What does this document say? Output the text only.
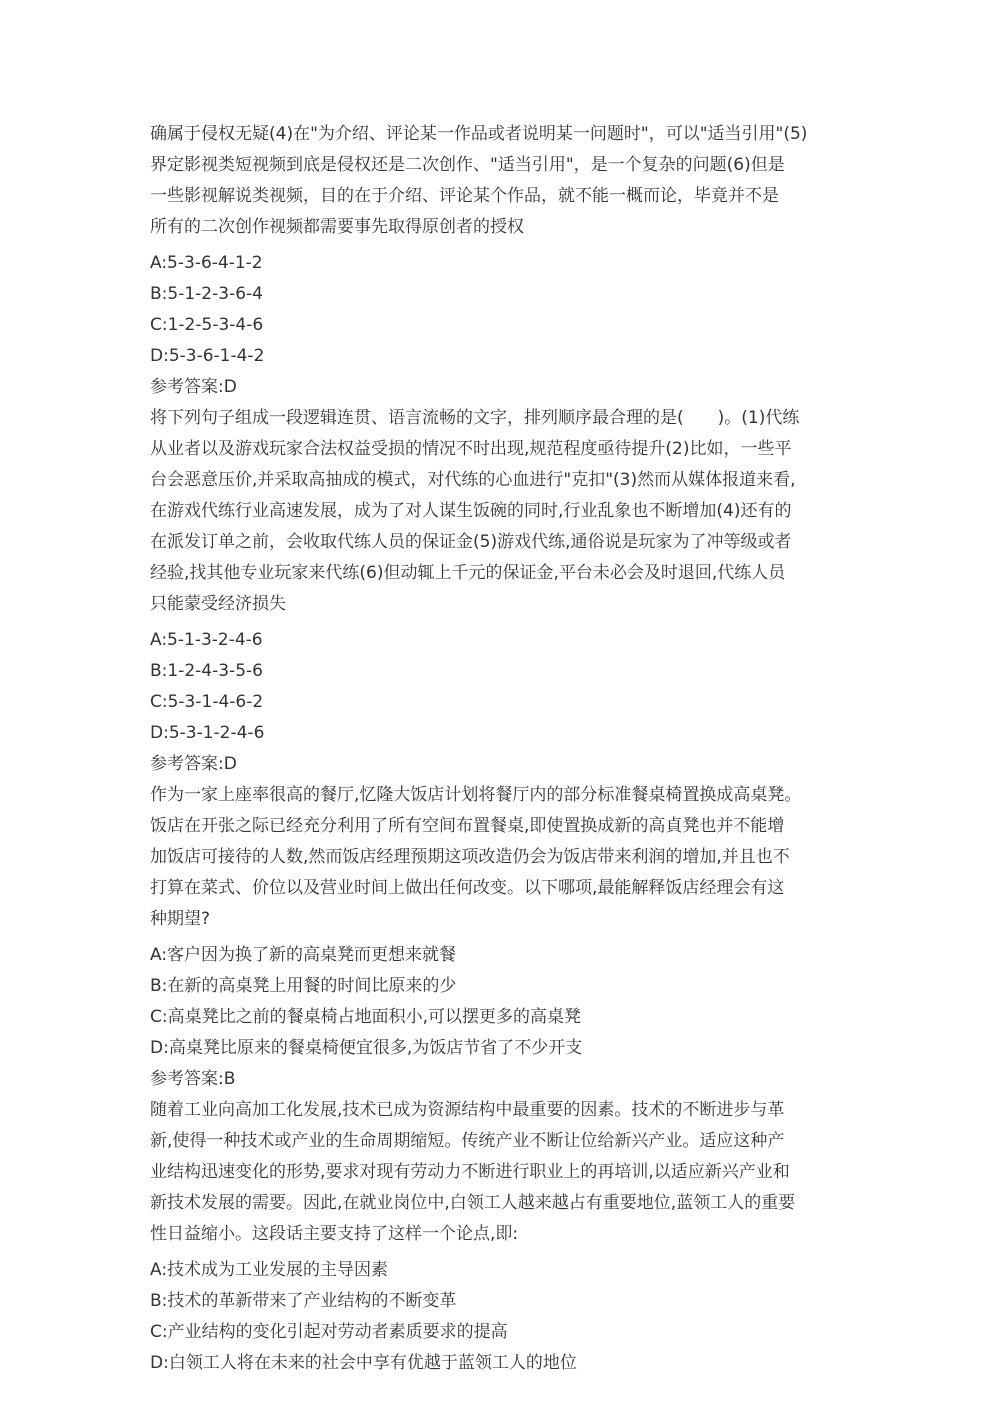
确属于侵权无疑(4)在"为介绍、评论某一作品或者说明某一问题时"，可以"适当引用"(5)
界定影视类短视频到底是侵权还是二次创作、"适当引用"，是一个复杂的问题(6)但是
一些影视解说类视频，目的在于介绍、评论某个作品，就不能一概而论，毕竟并不是
所有的二次创作视频都需要事先取得原创者的授权

A:5-3-6-4-1-2

B:5-1-2-3-6-4

C:1-2-5-3-4-6

D:5-3-6-1-4-2

参考答案:D

将下列句子组成一段逻辑连贯、语言流畅的文字，排列顺序最合理的是(　　)。(1)代练
从业者以及游戏玩家合法权益受损的情况不时出现,规范程度亟待提升(2)比如，一些平
台会恶意压价,并采取高抽成的模式，对代练的心血进行"克扣"(3)然而从媒体报道来看,
在游戏代练行业高速发展，成为了对人谋生饭碗的同时,行业乱象也不断增加(4)还有的
在派发订单之前，会收取代练人员的保证金(5)游戏代练,通俗说是玩家为了冲等级或者
经验,找其他专业玩家来代练(6)但动辄上千元的保证金,平台未必会及时退回,代练人员
只能蒙受经济损失

A:5-1-3-2-4-6

B:1-2-4-3-5-6

C:5-3-1-4-6-2

D:5-3-1-2-4-6

参考答案:D

作为一家上座率很高的餐厅,忆隆大饭店计划将餐厅内的部分标准餐桌椅置换成高桌凳。
饭店在开张之际已经充分利用了所有空间布置餐桌,即使置换成新的高貞凳也并不能增
加饭店可接待的人数,然而饭店经理预期这项改造仍会为饭店带来利润的增加,并且也不
打算在菜式、价位以及营业时间上做出任何改变。以下哪项,最能解释饭店经理会有这
种期望?

A:客户因为换了新的高桌凳而更想来就餐

B:在新的高桌凳上用餐的时间比原来的少

C:高桌凳比之前的餐桌椅占地面积小,可以摆更多的高桌凳

D:高桌凳比原来的餐桌椅便宜很多,为饭店节省了不少开支

参考答案:B

随着工业向高加工化发展,技术已成为资源结构中最重要的因素。技术的不断进步与革
新,使得一种技术或产业的生命周期缩短。传统产业不断让位给新兴产业。适应这种产
业结构迅速变化的形势,要求对现有劳动力不断进行职业上的再培训,以适应新兴产业和
新技术发展的需要。因此,在就业岗位中,白领工人越来越占有重要地位,蓝领工人的重要
性日益缩小。这段话主要支持了这样一个论点,即:

A:技术成为工业发展的主导因素

B:技术的革新带来了产业结构的不断变革

C:产业结构的变化引起对劳动者素质要求的提高

D:白领工人将在未来的社会中享有优越于蓝领工人的地位
